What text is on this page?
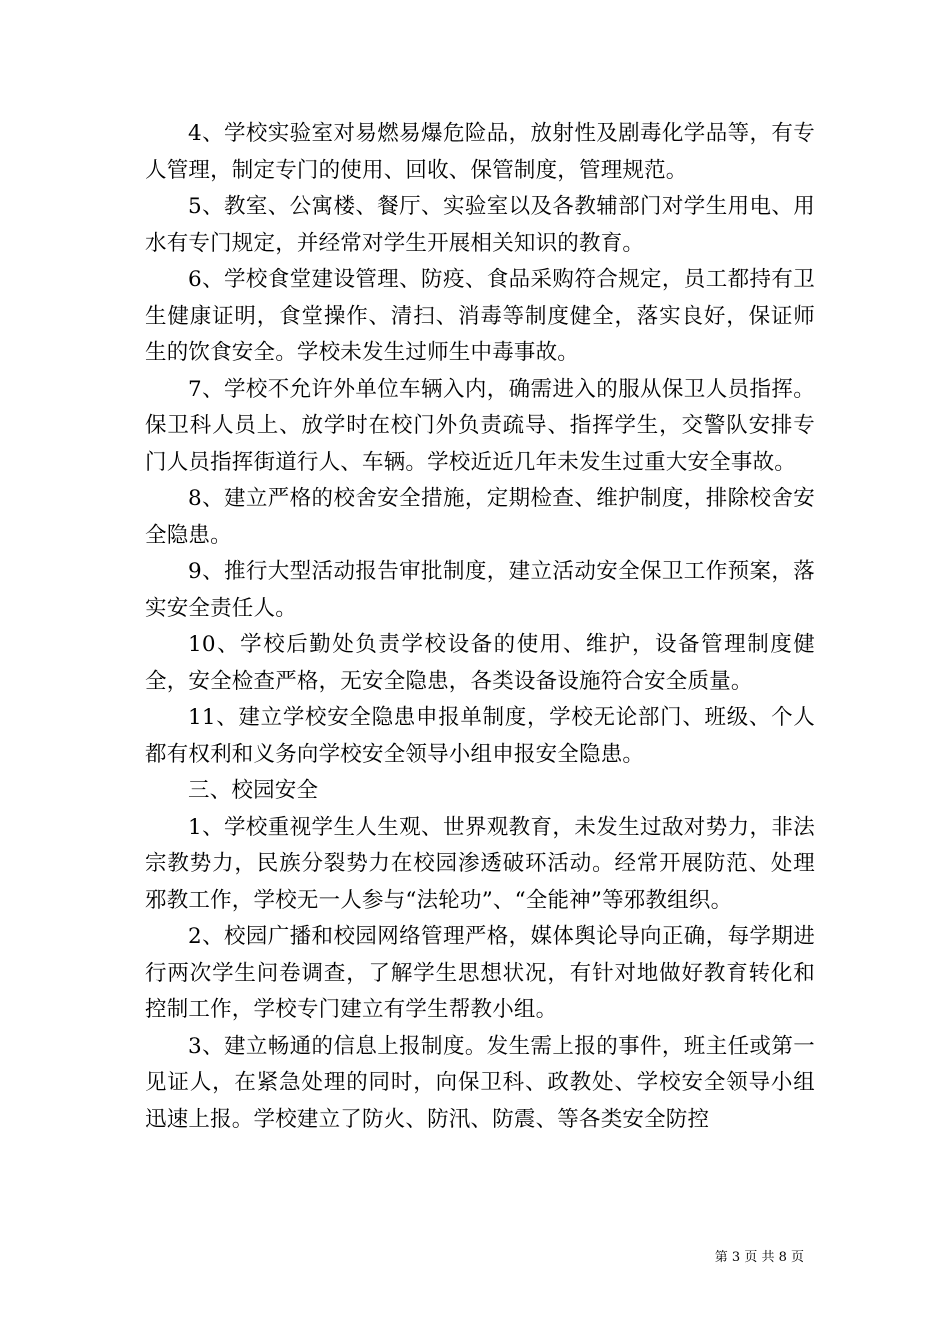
4、学校实验室对易燃易爆危险品，放射性及剧毒化学品等，有专人管理，制定专门的使用、回收、保管制度，管理规范。

5、教室、公寓楼、餐厅、实验室以及各教辅部门对学生用电、用水有专门规定，并经常对学生开展相关知识的教育。

6、学校食堂建设管理、防疫、食品采购符合规定，员工都持有卫生健康证明，食堂操作、清扫、消毒等制度健全，落实良好，保证师生的饮食安全。学校未发生过师生中毒事故。

7、学校不允许外单位车辆入内，确需进入的服从保卫人员指挥。保卫科人员上、放学时在校门外负责疏导、指挥学生，交警队安排专门人员指挥街道行人、车辆。学校近近几年未发生过重大安全事故。

8、建立严格的校舍安全措施，定期检查、维护制度，排除校舍安全隐患。

9、推行大型活动报告审批制度，建立活动安全保卫工作预案，落实安全责任人。

10、学校后勤处负责学校设备的使用、维护，设备管理制度健全，安全检查严格，无安全隐患，各类设备设施符合安全质量。

11、建立学校安全隐患申报单制度，学校无论部门、班级、个人都有权利和义务向学校安全领导小组申报安全隐患。

三、校园安全

1、学校重视学生人生观、世界观教育，未发生过敌对势力，非法宗教势力，民族分裂势力在校园渗透破环活动。经常开展防范、处理邪教工作，学校无一人参与“法轮功”、“全能神”等邪教组织。

2、校园广播和校园网络管理严格，媒体舆论导向正确，每学期进行两次学生问卷调查，了解学生思想状况，有针对地做好教育转化和控制工作，学校专门建立有学生帮教小组。

3、建立畅通的信息上报制度。发生需上报的事件，班主任或第一见证人，在紧急处理的同时，向保卫科、政教处、学校安全领导小组迅速上报。学校建立了防火、防汛、防震、等各类安全防控

第 3 页 共 8 页
